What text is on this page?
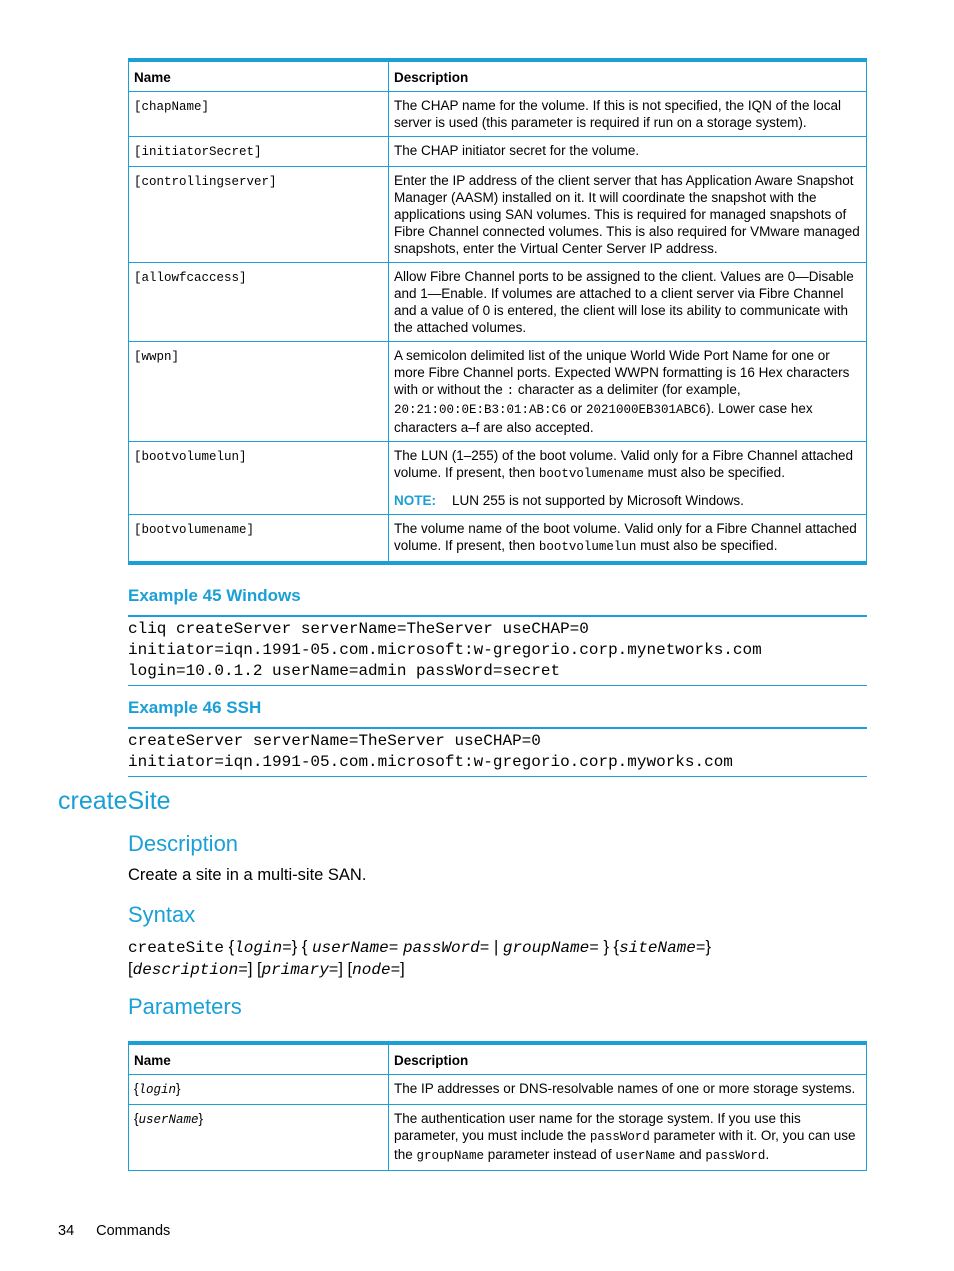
Name	Description
[chapName]	The CHAP name for the volume. If this is not specified, the IQN of the local server is used (this parameter is required if run on a storage system).
[initiatorSecret]	The CHAP initiator secret for the volume.
[controllingserver]	Enter the IP address of the client server that has Application Aware Snapshot Manager (AASM) installed on it. It will coordinate the snapshot with the applications using SAN volumes. This is required for managed snapshots of Fibre Channel connected volumes. This is also required for VMware managed snapshots, enter the Virtual Center Server IP address.
[allowfcaccess]	Allow Fibre Channel ports to be assigned to the client. Values are 0—Disable and 1—Enable. If volumes are attached to a client server via Fibre Channel and a value of 0 is entered, the client will lose its ability to communicate with the attached volumes.
[wwpn]	A semicolon delimited list of the unique World Wide Port Name for one or more Fibre Channel ports. Expected WWPN formatting is 16 Hex characters with or without the : character as a delimiter (for example, 20:21:00:0E:B3:01:AB:C6 or 2021000EB301ABC6). Lower case hex characters a–f are also accepted.
[bootvolumelun]	The LUN (1–255) of the boot volume. Valid only for a Fibre Channel attached volume. If present, then bootvolumename must also be specified.
NOTE: LUN 255 is not supported by Microsoft Windows.

[bootvolumename]	The volume name of the boot volume. Valid only for a Fibre Channel attached volume. If present, then bootvolumelun must also be specified.
Example 45 Windows
cliq createServer serverName=TheServer useCHAP=0
initiator=iqn.1991-05.com.microsoft:w-gregorio.corp.mynetworks.com
login=10.0.1.2 userName=admin passWord=secret
Example 46 SSH
createServer serverName=TheServer useCHAP=0
initiator=iqn.1991-05.com.microsoft:w-gregorio.corp.myworks.com
createSite
Description
Create a site in a multi-site SAN.
Syntax
createSite {login=} { userName= passWord= | groupName= } {siteName=}
[description=] [primary=] [node=]
Parameters
Name	Description
{login}	The IP addresses or DNS-resolvable names of one or more storage systems.
{userName}	The authentication user name for the storage system. If you use this parameter, you must include the passWord parameter with it. Or, you can use the groupName parameter instead of userName and passWord.
34 Commands
